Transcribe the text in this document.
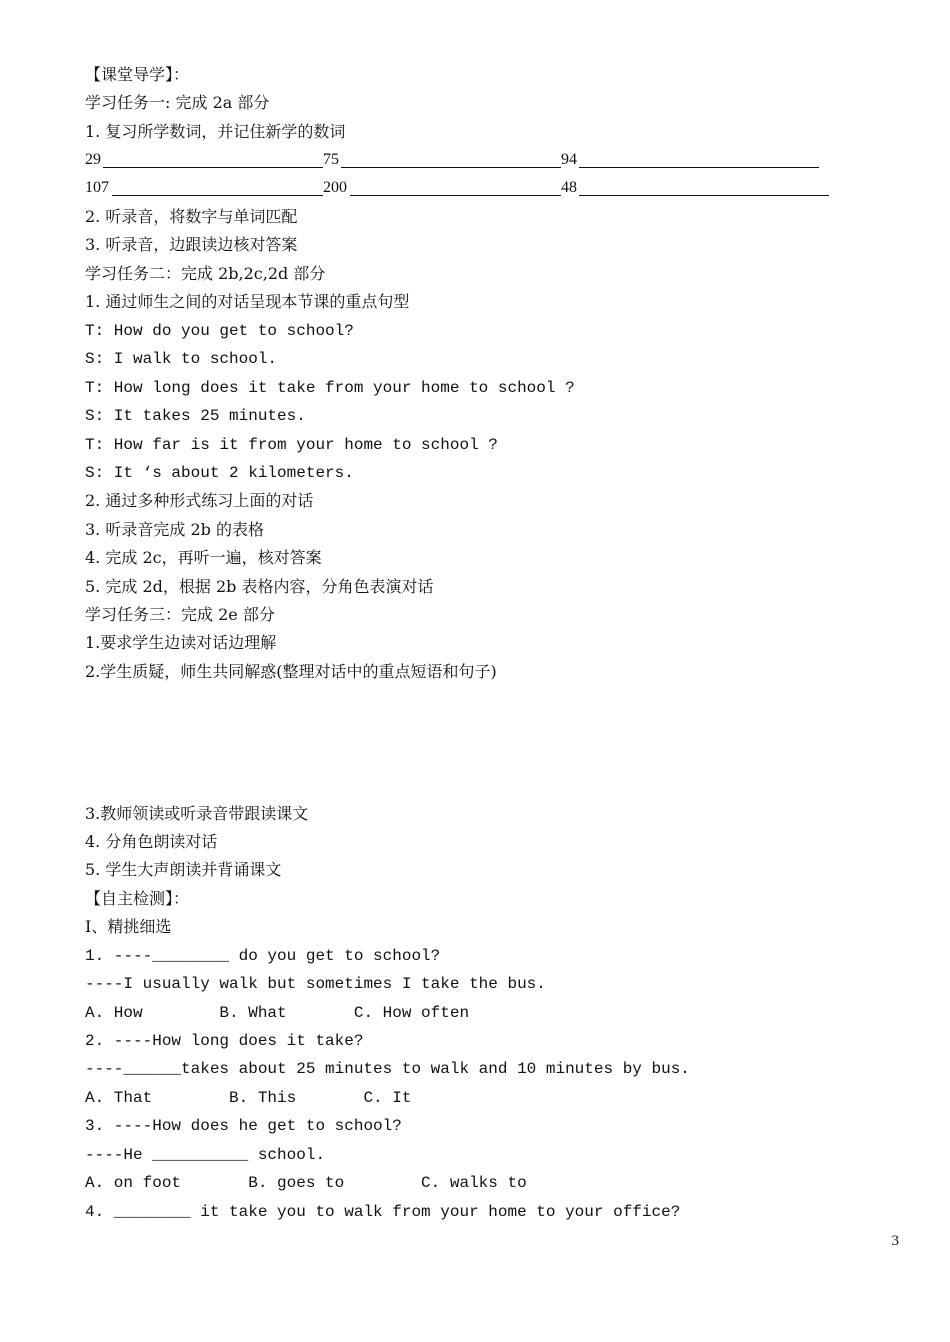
【课堂导学】：

学习任务一: 完成 2a 部分

1. 复习所学数词，并记住新学的数词

29	75	94
107	200	48

2. 听录音，将数字与单词匹配

3. 听录音，边跟读边核对答案

学习任务二：完成 2b,2c,2d 部分

1. 通过师生之间的对话呈现本节课的重点句型

T: How do you get to school?

S: I walk to school.

T: How long does it take from your home to school ?

S: It takes 25 minutes.

T: How far is it from your home to school ?

S: It ‘s about 2 kilometers.

2. 通过多种形式练习上面的对话

3. 听录音完成 2b 的表格

4. 完成 2c，再听一遍，核对答案

5. 完成 2d，根据 2b 表格内容，分角色表演对话

学习任务三：完成 2e 部分

1.要求学生边读对话边理解

2.学生质疑，师生共同解惑(整理对话中的重点短语和句子)

3.教师领读或听录音带跟读课文

4. 分角色朗读对话

5. 学生大声朗读并背诵课文

【自主检测】：

I、精挑细选

1. ----________ do you get to school?

----I usually walk but sometimes I take the bus.

A. How        B. What       C. How often

2. ----How long does it take?

----______takes about 25 minutes to walk and 10 minutes by bus.

A. That        B. This       C. It

3. ----How does he get to school?

----He __________ school.

A. on foot       B. goes to        C. walks to

4. ________ it take you to walk from your home to your office?

3
